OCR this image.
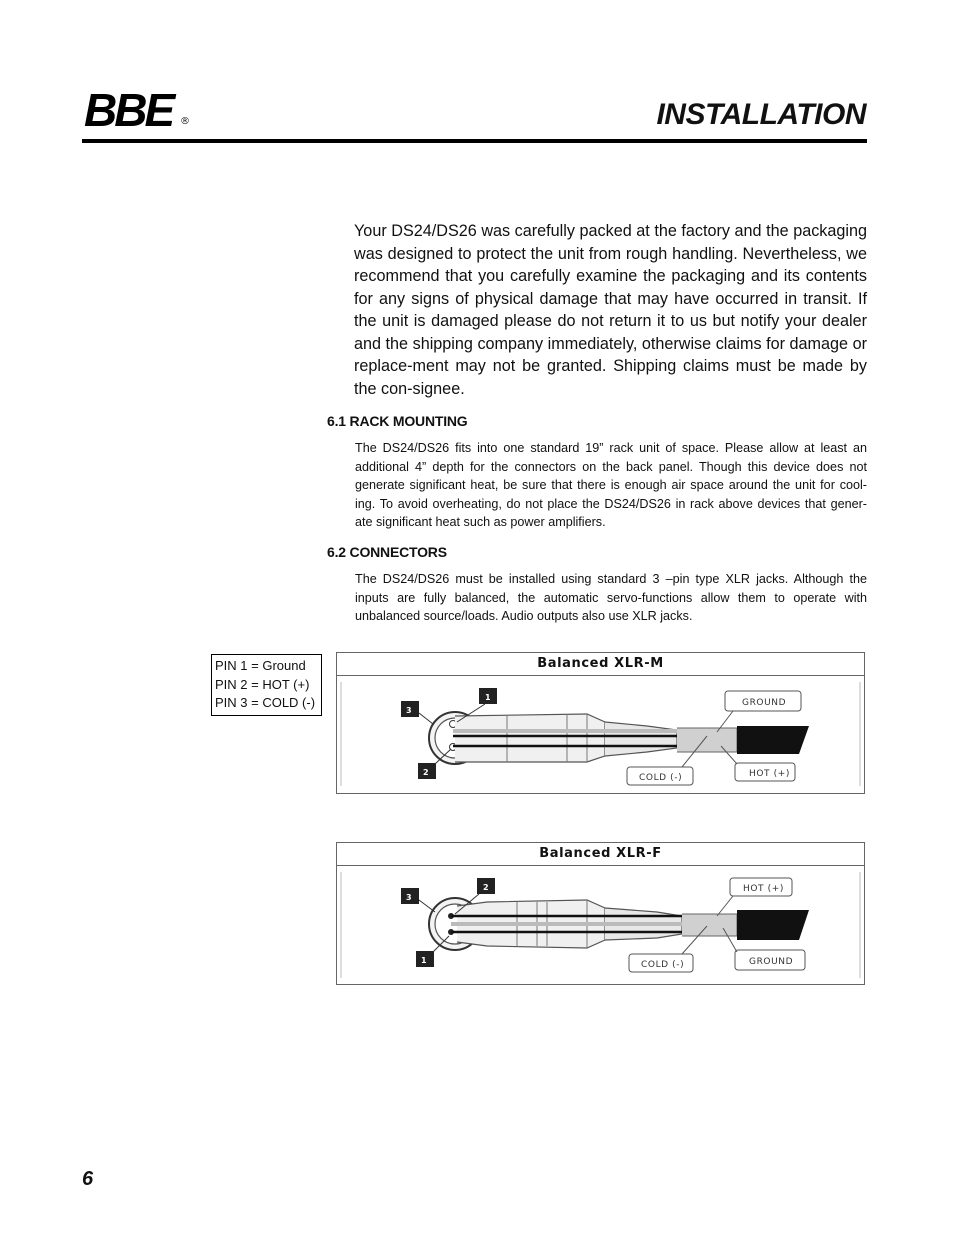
BBE ®	INSTALLATION
Your DS24/DS26 was carefully packed at the factory and the packaging was designed to protect the unit from rough handling. Nevertheless, we recommend that you carefully examine the packaging and its contents for any signs of physical damage that may have occurred in transit. If the unit is damaged please do not return it to us but notify your dealer and the shipping company immediately, otherwise claims for damage or replace-ment may not be granted. Shipping claims must be made by the con-signee.
6.1 RACK MOUNTING
The DS24/DS26 fits into one standard 19” rack unit of space. Please allow at least an additional 4” depth for the connectors on the back panel. Though this device does not generate significant heat, be sure that there is enough air space around the unit for cool-ing. To avoid overheating, do not place the DS24/DS26 in rack above devices that gener-ate significant heat such as power amplifiers.
6.2 CONNECTORS
The DS24/DS26 must be installed using standard 3 –pin type XLR jacks. Although the inputs are fully balanced, the automatic servo-functions allow them to operate with unbalanced source/loads. Audio outputs also use XLR jacks.
PIN 1 = Ground
PIN 2 = HOT (+)
PIN 3 = COLD (-)
Balanced XLR-M
3
1
2
GROUND
COLD (-)	HOT (+)
Balanced XLR-F
3
2
1
HOT (+)
COLD (-)	GROUND
6
